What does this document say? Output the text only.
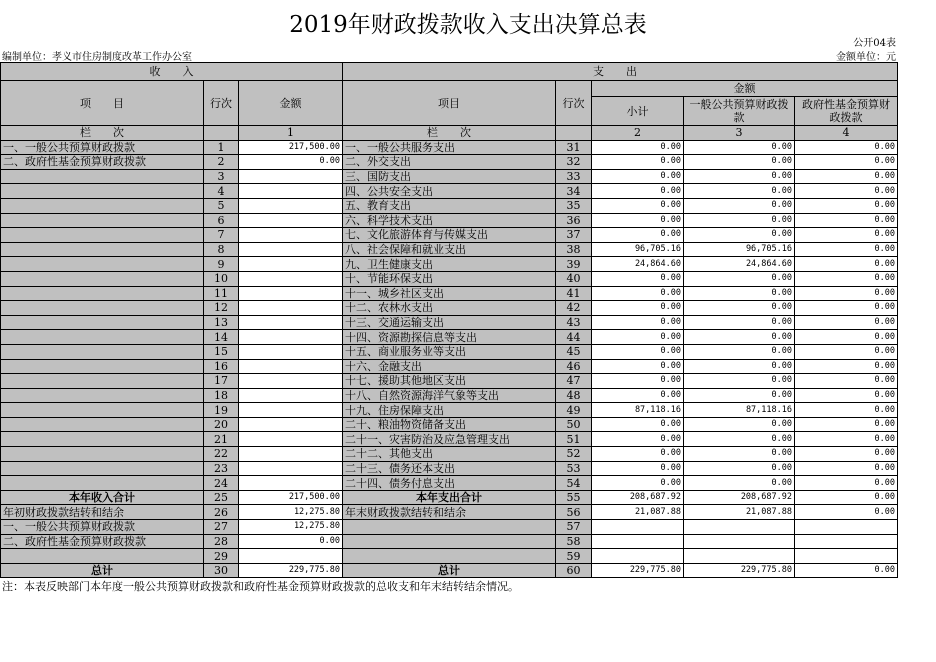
2019年财政拨款收入支出决算总表
公开04表
编制单位：孝义市住房制度改革工作办公室	金额单位：元
收　　入			支　　出				
项　　目	行次	金额	项目	行次	金额		
					小计	一般公共预算财政拨款	政府性基金预算财政拨款
栏　　次		1	栏　　次		2	3	4
一、一般公共预算财政拨款	1	217,500.00	一、一般公共服务支出	31	0.00	0.00	0.00
二、政府性基金预算财政拨款	2	0.00	二、外交支出	32	0.00	0.00	0.00
	3		三、国防支出	33	0.00	0.00	0.00
	4		四、公共安全支出	34	0.00	0.00	0.00
	5		五、教育支出	35	0.00	0.00	0.00
	6		六、科学技术支出	36	0.00	0.00	0.00
	7		七、文化旅游体育与传媒支出	37	0.00	0.00	0.00
	8		八、社会保障和就业支出	38	96,705.16	96,705.16	0.00
	9		九、卫生健康支出	39	24,864.60	24,864.60	0.00
	10		十、节能环保支出	40	0.00	0.00	0.00
	11		十一、城乡社区支出	41	0.00	0.00	0.00
	12		十二、农林水支出	42	0.00	0.00	0.00
	13		十三、交通运输支出	43	0.00	0.00	0.00
	14		十四、资源勘探信息等支出	44	0.00	0.00	0.00
	15		十五、商业服务业等支出	45	0.00	0.00	0.00
	16		十六、金融支出	46	0.00	0.00	0.00
	17		十七、援助其他地区支出	47	0.00	0.00	0.00
	18		十八、自然资源海洋气象等支出	48	0.00	0.00	0.00
	19		十九、住房保障支出	49	87,118.16	87,118.16	0.00
	20		二十、粮油物资储备支出	50	0.00	0.00	0.00
	21		二十一、灾害防治及应急管理支出	51	0.00	0.00	0.00
	22		二十二、其他支出	52	0.00	0.00	0.00
	23		二十三、债务还本支出	53	0.00	0.00	0.00
	24		二十四、债务付息支出	54	0.00	0.00	0.00
本年收入合计	25	217,500.00	本年支出合计	55	208,687.92	208,687.92	0.00
年初财政拨款结转和结余	26	12,275.80	年末财政拨款结转和结余	56	21,087.88	21,087.88	0.00
一、一般公共预算财政拨款	27	12,275.80		57			
二、政府性基金预算财政拨款	28	0.00		58			
	29			59			
总计	30	229,775.80	总计	60	229,775.80	229,775.80	0.00
注：本表反映部门本年度一般公共预算财政拨款和政府性基金预算财政拨款的总收支和年末结转结余情况。
